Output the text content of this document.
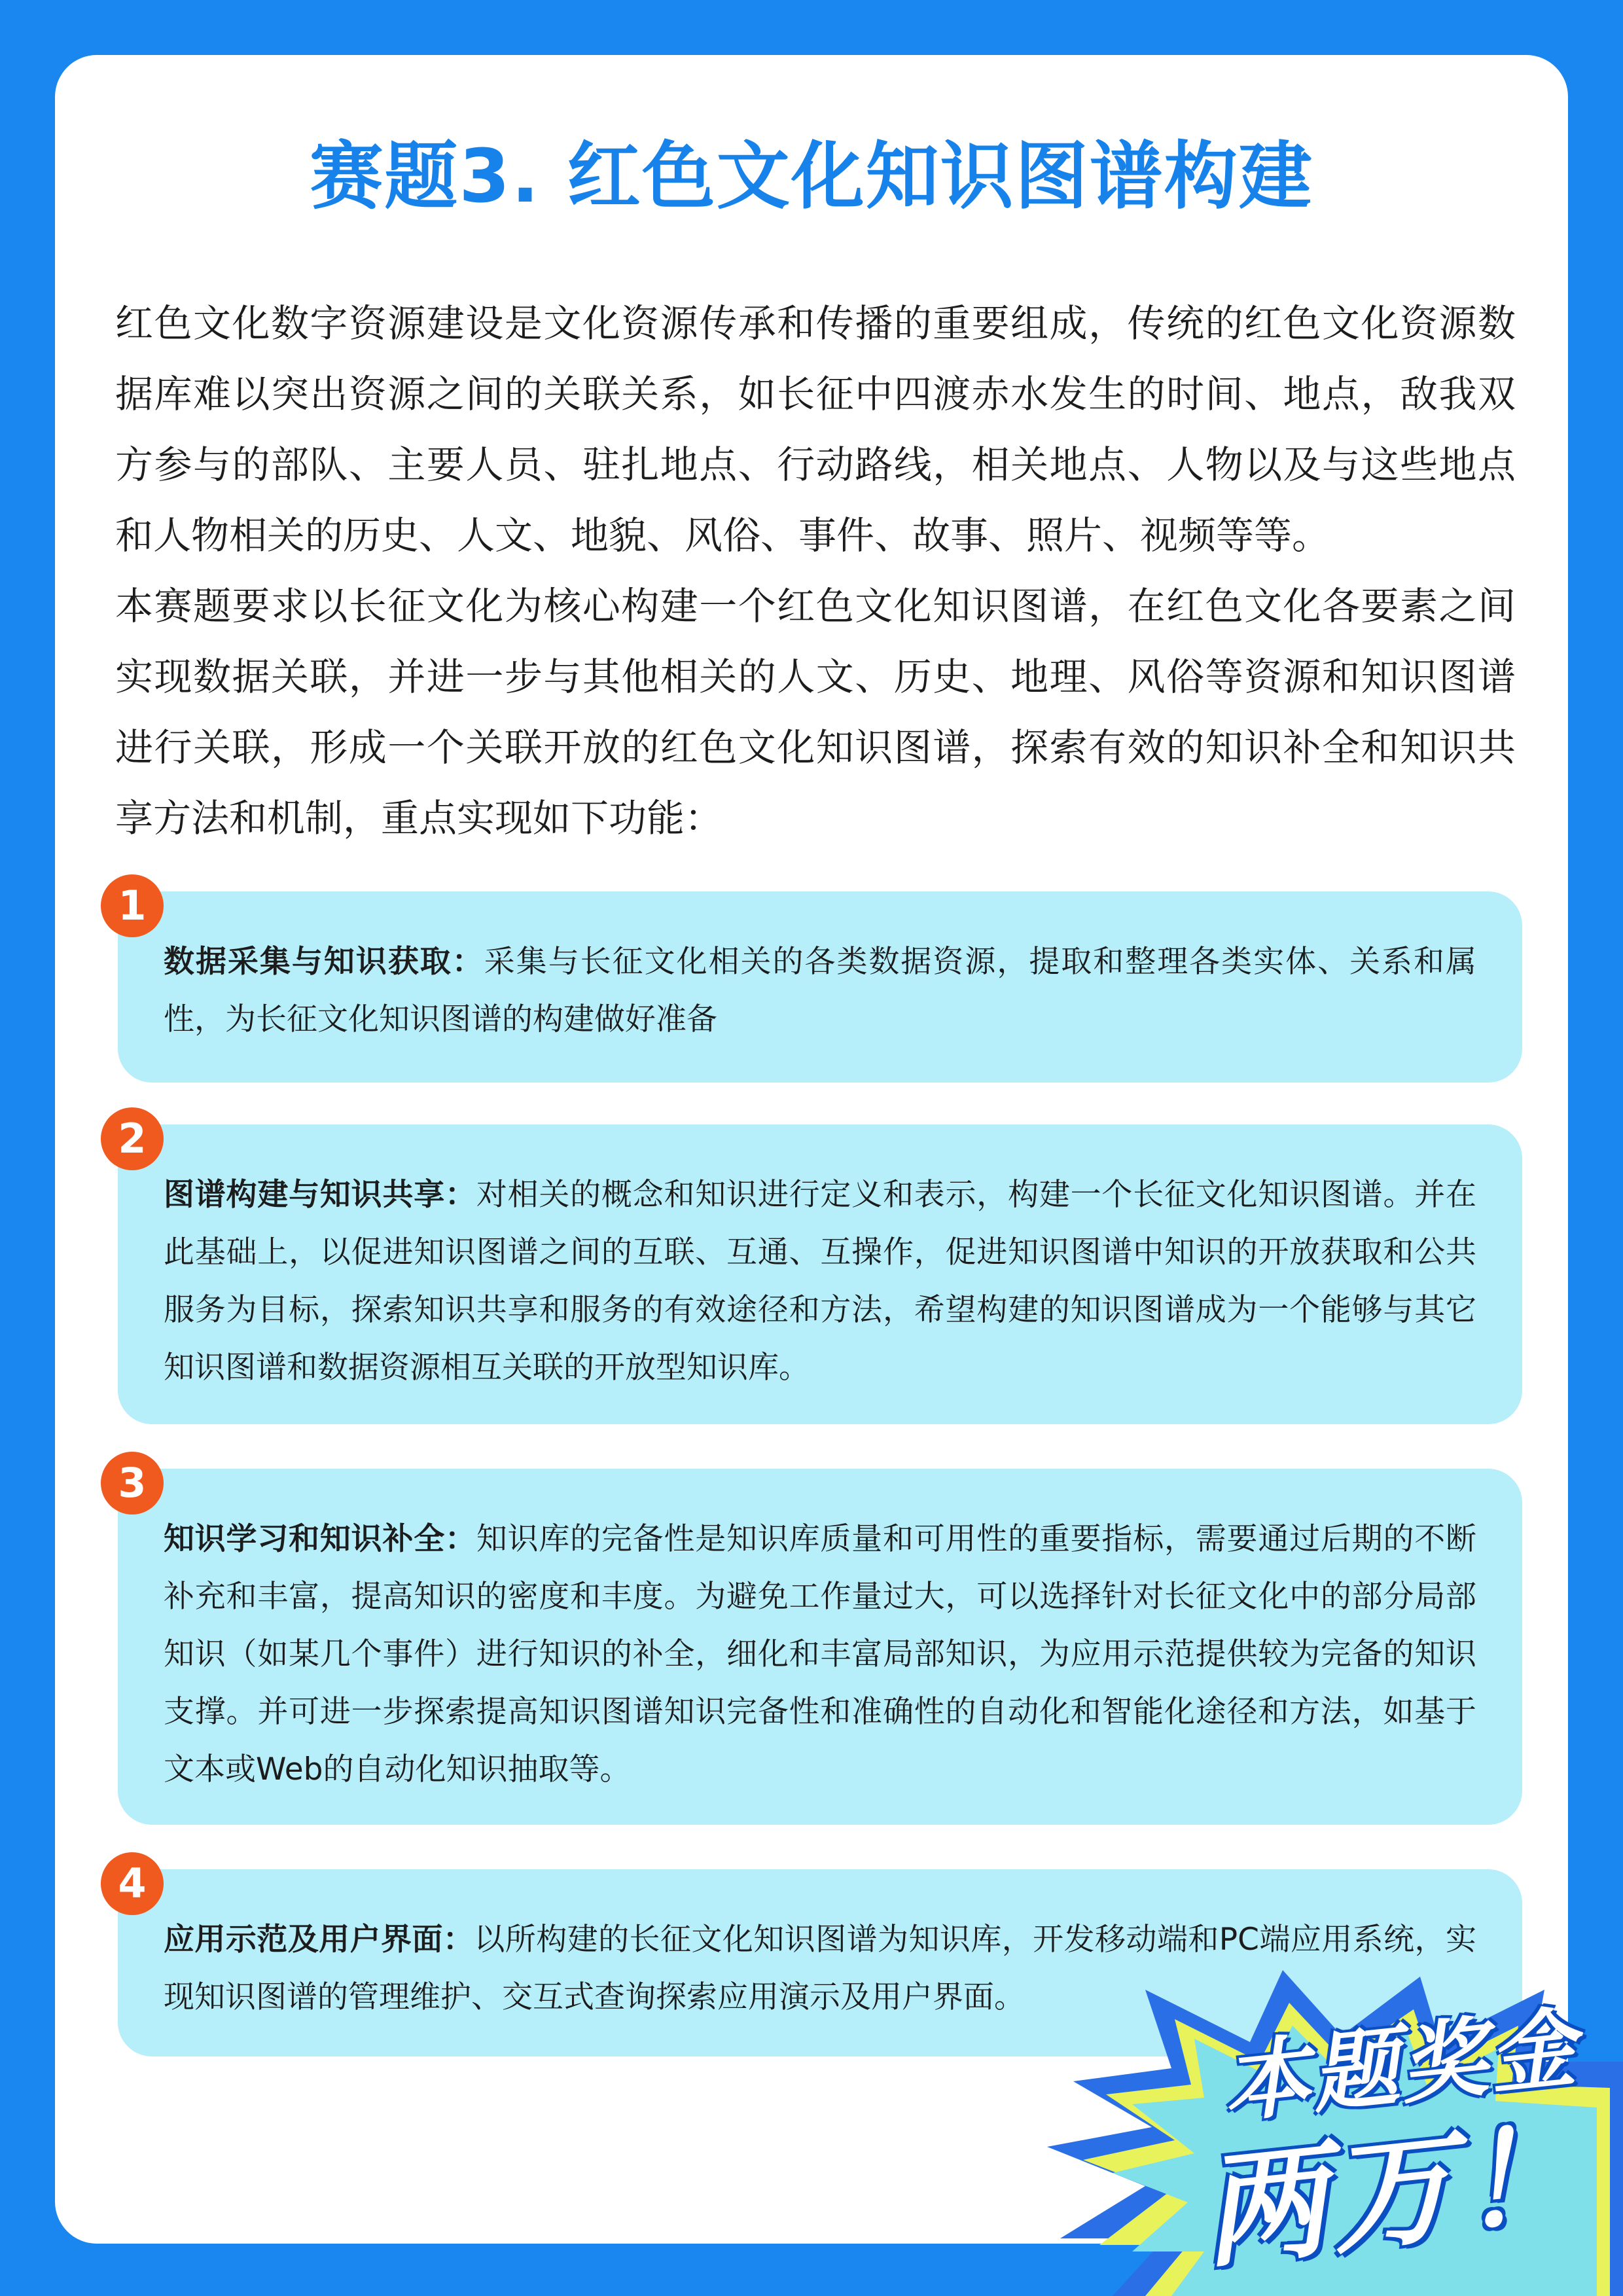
赛题3. 红色文化知识图谱构建

红色文化数字资源建设是文化资源传承和传播的重要组成，传统的红色文化资源数据库难以突出资源之间的关联关系，如长征中四渡赤水发生的时间、地点，敌我双方参与的部队、主要人员、驻扎地点、行动路线，相关地点、人物以及与这些地点和人物相关的历史、人文、地貌、风俗、事件、故事、照片、视频等等。

本赛题要求以长征文化为核心构建一个红色文化知识图谱，在红色文化各要素之间实现数据关联，并进一步与其他相关的人文、历史、地理、风俗等资源和知识图谱进行关联，形成一个关联开放的红色文化知识图谱，探索有效的知识补全和知识共享方法和机制，重点实现如下功能：

数据采集与知识获取：采集与长征文化相关的各类数据资源，提取和整理各类实体、关系和属性，为长征文化知识图谱的构建做好准备

1

图谱构建与知识共享：对相关的概念和知识进行定义和表示，构建一个长征文化知识图谱。并在此基础上，以促进知识图谱之间的互联、互通、互操作，促进知识图谱中知识的开放获取和公共服务为目标，探索知识共享和服务的有效途径和方法，希望构建的知识图谱成为一个能够与其它知识图谱和数据资源相互关联的开放型知识库。

2

知识学习和知识补全：知识库的完备性是知识库质量和可用性的重要指标，需要通过后期的不断补充和丰富，提高知识的密度和丰度。为避免工作量过大，可以选择针对长征文化中的部分局部知识（如某几个事件）进行知识的补全，细化和丰富局部知识，为应用示范提供较为完备的知识支撑。并可进一步探索提高知识图谱知识完备性和准确性的自动化和智能化途径和方法，如基于文本或Web的自动化知识抽取等。

3

应用示范及用户界面：以所构建的长征文化知识图谱为知识库，开发移动端和PC端应用系统，实现知识图谱的管理维护、交互式查询探索应用演示及用户界面。

4
本题奖金
两万！
